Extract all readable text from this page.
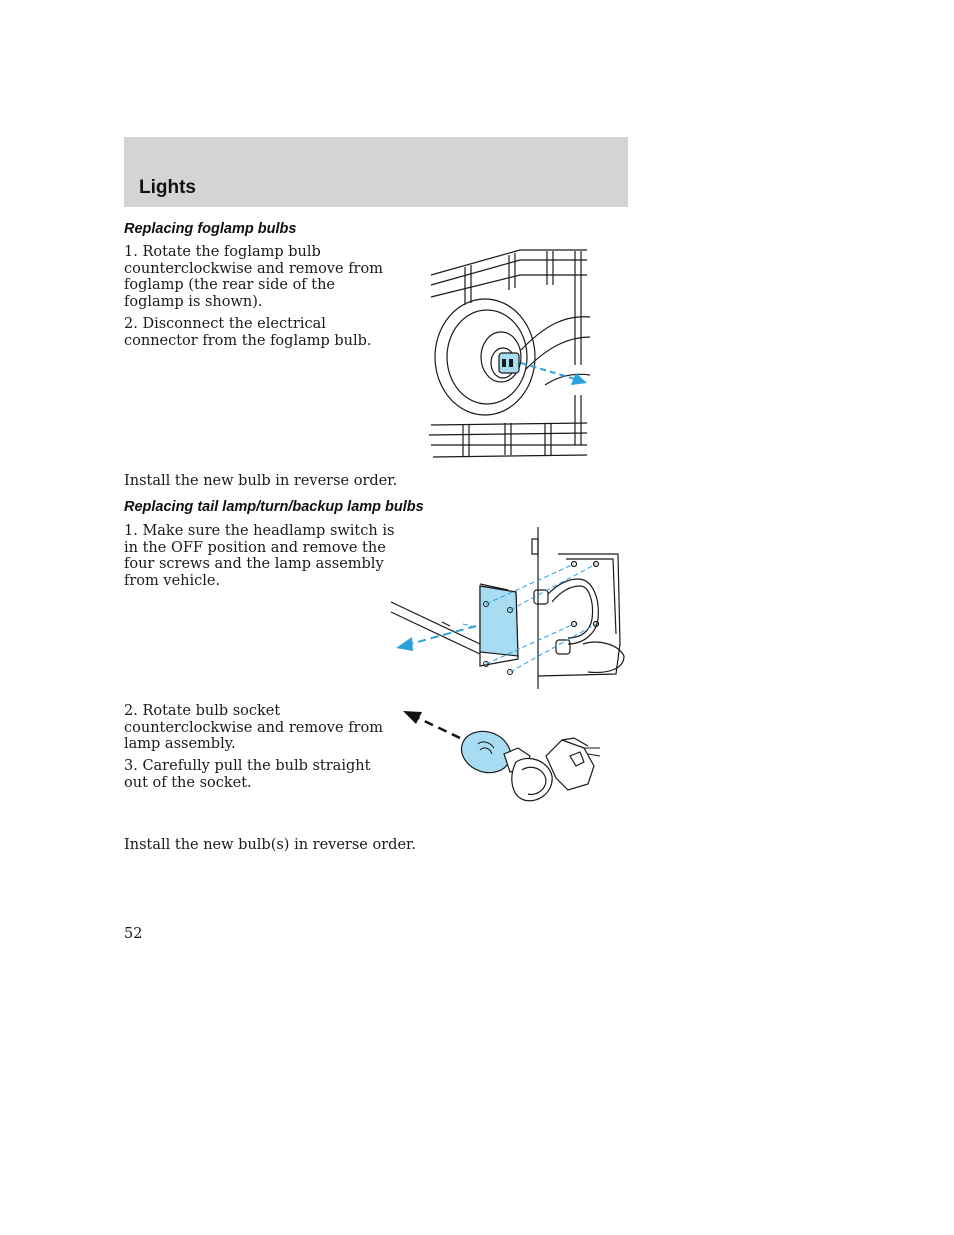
Lights
Replacing foglamp bulbs

1. Rotate the foglamp bulb
counterclockwise and remove from
foglamp (the rear side of the
foglamp is shown).

2. Disconnect the electrical
connector from the foglamp bulb.

Install the new bulb in reverse order.
Replacing tail lamp/turn/backup lamp bulbs

1. Make sure the headlamp switch is
in the OFF position and remove the
four screws and the lamp assembly
from vehicle.

2. Rotate bulb socket
counterclockwise and remove from
lamp assembly.

3. Carefully pull the bulb straight
out of the socket.

Install the new bulb(s) in reverse order.
52
